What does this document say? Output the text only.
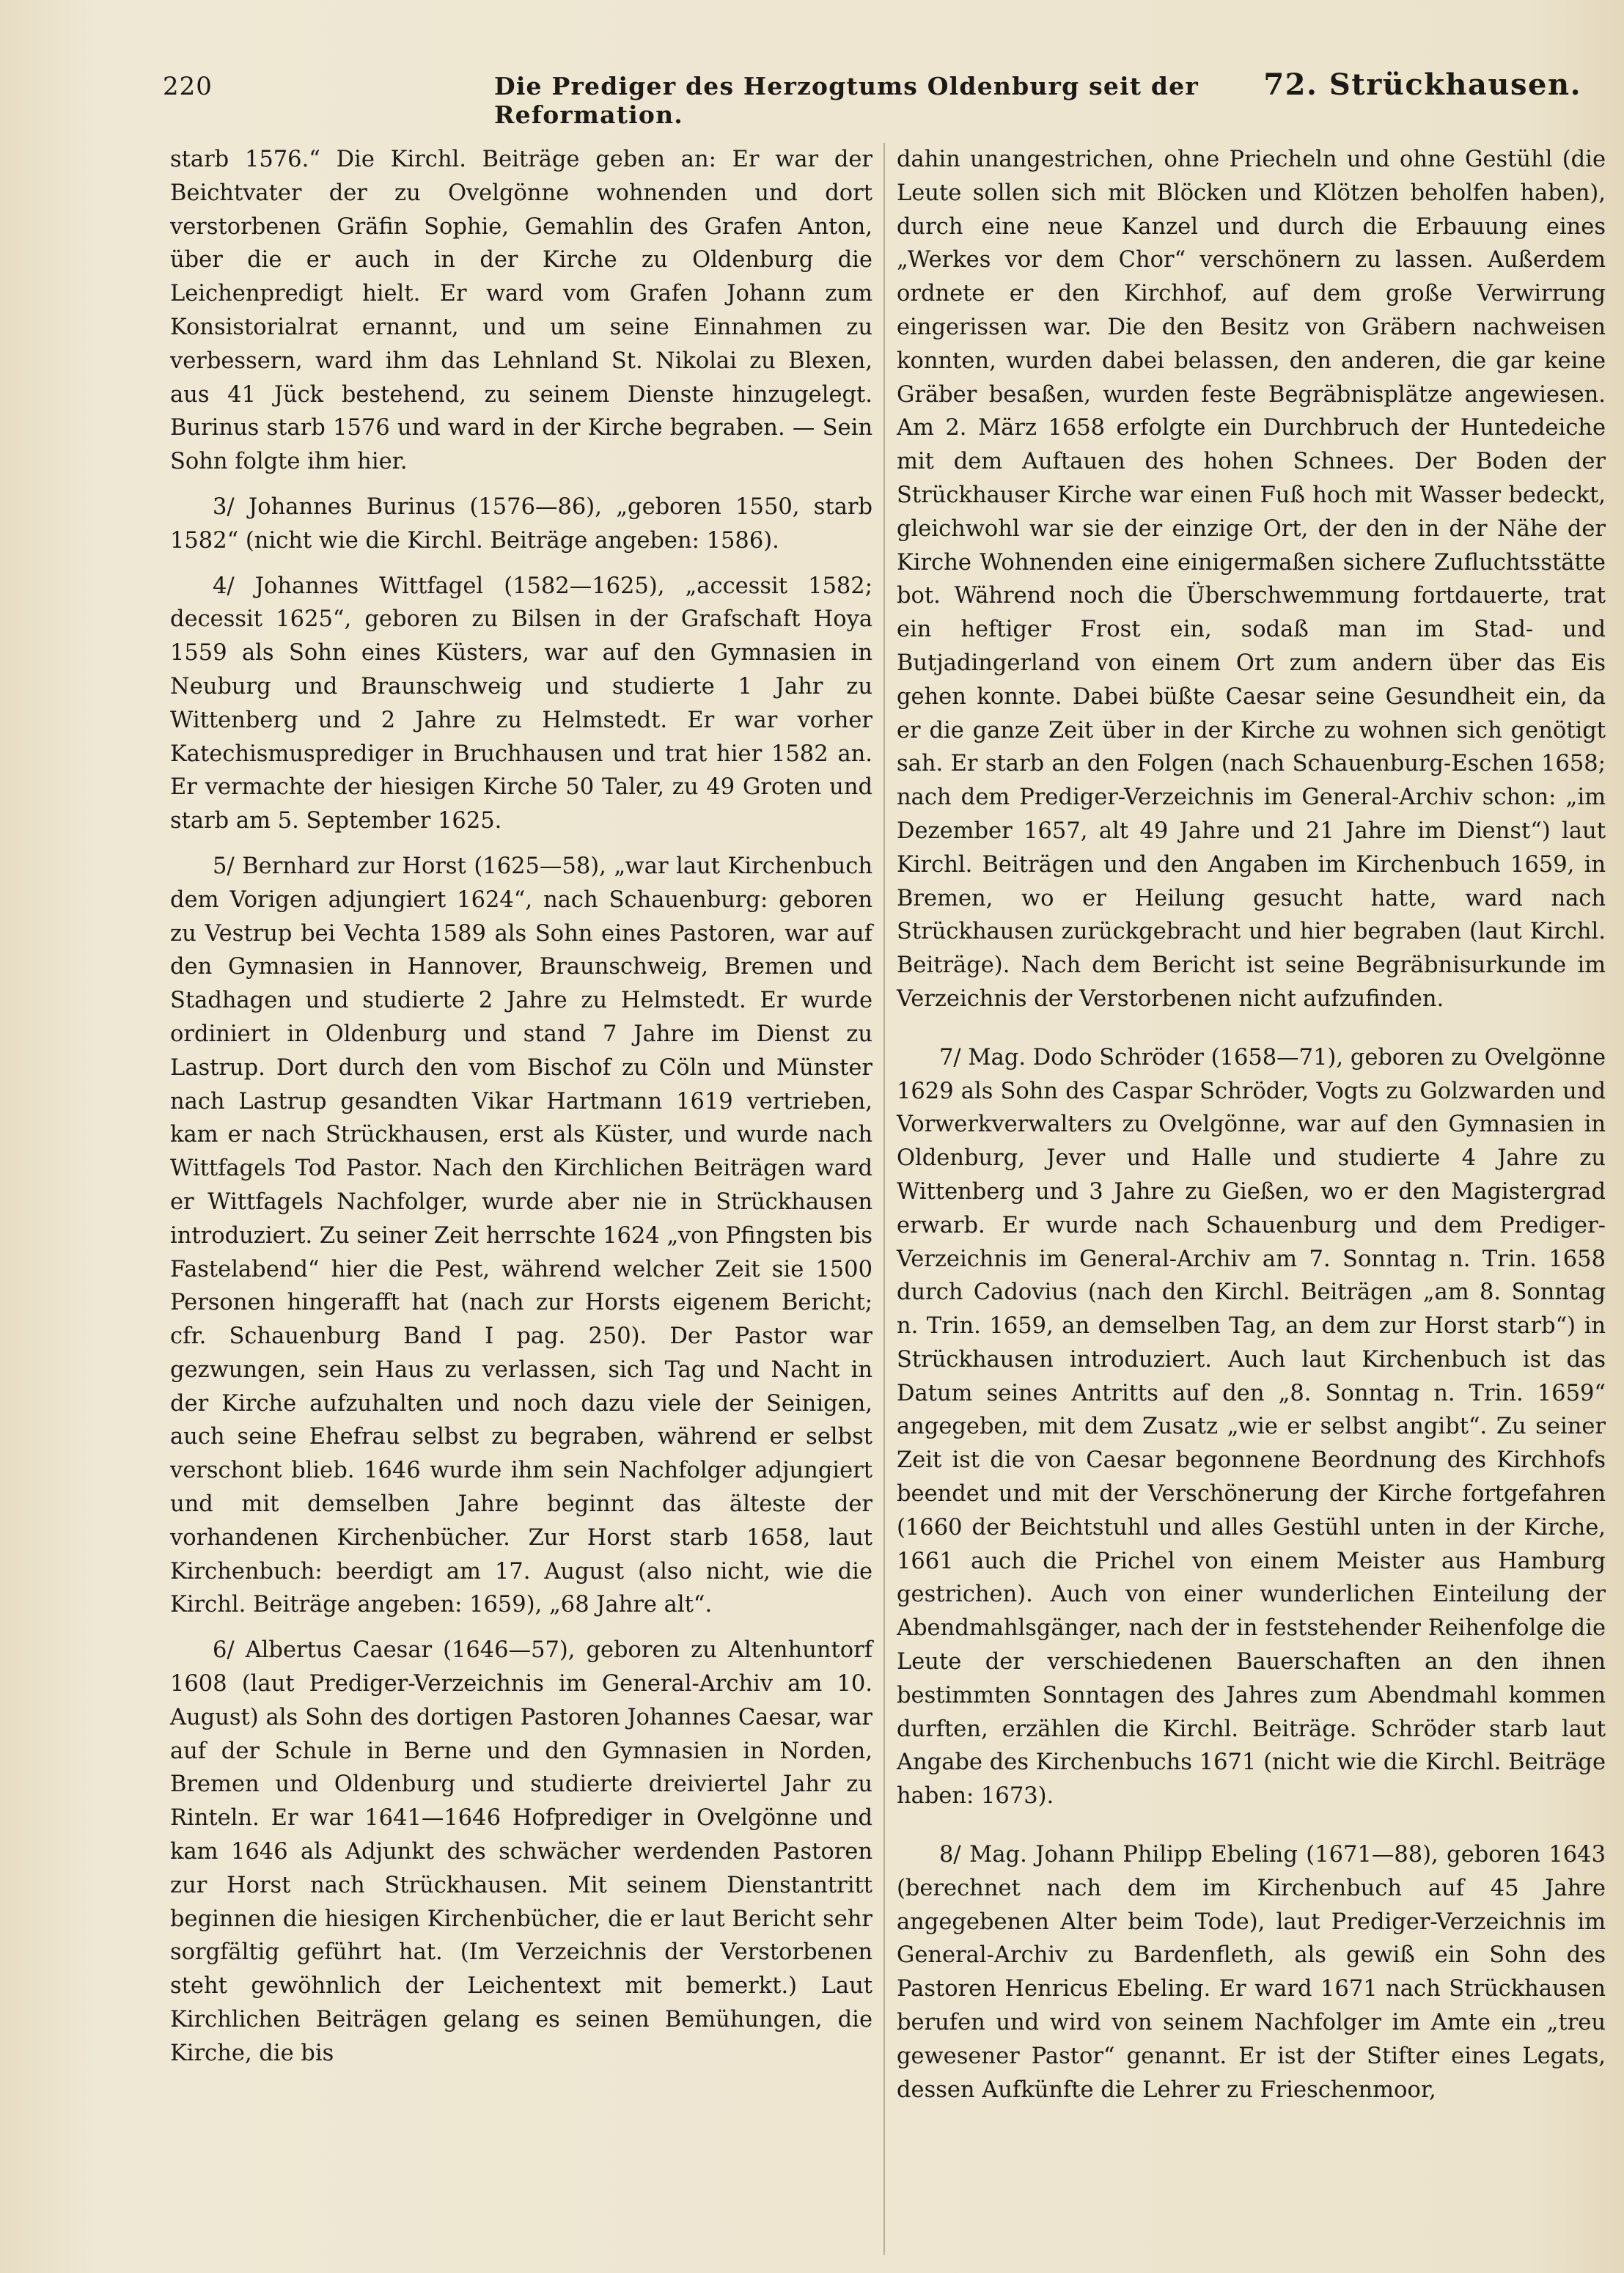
220	Die Prediger des Herzogtums Oldenburg seit der Reformation.
72. Strückhausen.

starb 1576.“ Die Kirchl. Beiträge geben an: Er war der Beichtvater der zu Ovelgönne wohnenden und dort verstorbenen Gräfin Sophie, Gemahlin des Grafen Anton, über die er auch in der Kirche zu Oldenburg die Leichenpredigt hielt. Er ward vom Grafen Johann zum Konsistorialrat ernannt, und um seine Einnahmen zu verbessern, ward ihm das Lehnland St. Nikolai zu Blexen, aus 41 Jück bestehend, zu seinem Dienste hinzugelegt. Burinus starb 1576 und ward in der Kirche begraben. — Sein Sohn folgte ihm hier.

3/ Johannes Burinus (1576—86), „geboren 1550, starb 1582“ (nicht wie die Kirchl. Beiträge angeben: 1586).

4/ Johannes Wittfagel (1582—1625), „accessit 1582; decessit 1625“, geboren zu Bilsen in der Grafschaft Hoya 1559 als Sohn eines Küsters, war auf den Gymnasien in Neuburg und Braunschweig und studierte 1 Jahr zu Wittenberg und 2 Jahre zu Helmstedt. Er war vorher Katechismusprediger in Bruchhausen und trat hier 1582 an. Er vermachte der hiesigen Kirche 50 Taler, zu 49 Groten und starb am 5. September 1625.

5/ Bernhard zur Horst (1625—58), „war laut Kirchenbuch dem Vorigen adjungiert 1624“, nach Schauenburg: geboren zu Vestrup bei Vechta 1589 als Sohn eines Pastoren, war auf den Gymnasien in Hannover, Braunschweig, Bremen und Stadhagen und studierte 2 Jahre zu Helmstedt. Er wurde ordiniert in Oldenburg und stand 7 Jahre im Dienst zu Lastrup. Dort durch den vom Bischof zu Cöln und Münster nach Lastrup gesandten Vikar Hartmann 1619 vertrieben, kam er nach Strückhausen, erst als Küster, und wurde nach Wittfagels Tod Pastor. Nach den Kirchlichen Beiträgen ward er Wittfagels Nachfolger, wurde aber nie in Strückhausen introduziert. Zu seiner Zeit herrschte 1624 „von Pfingsten bis Fastelabend“ hier die Pest, während welcher Zeit sie 1500 Personen hingerafft hat (nach zur Horsts eigenem Bericht; cfr. Schauenburg Band I pag. 250). Der Pastor war gezwungen, sein Haus zu verlassen, sich Tag und Nacht in der Kirche aufzuhalten und noch dazu viele der Seinigen, auch seine Ehefrau selbst zu begraben, während er selbst verschont blieb. 1646 wurde ihm sein Nachfolger adjungiert und mit demselben Jahre beginnt das älteste der vorhandenen Kirchenbücher. Zur Horst starb 1658, laut Kirchenbuch: beerdigt am 17. August (also nicht, wie die Kirchl. Beiträge angeben: 1659), „68 Jahre alt“.

6/ Albertus Caesar (1646—57), geboren zu Altenhuntorf 1608 (laut Prediger-Verzeichnis im General-Archiv am 10. August) als Sohn des dortigen Pastoren Johannes Caesar, war auf der Schule in Berne und den Gymnasien in Norden, Bremen und Oldenburg und studierte dreiviertel Jahr zu Rinteln. Er war 1641—1646 Hofprediger in Ovelgönne und kam 1646 als Adjunkt des schwächer werdenden Pastoren zur Horst nach Strückhausen. Mit seinem Dienstantritt beginnen die hiesigen Kirchenbücher, die er laut Bericht sehr sorgfältig geführt hat. (Im Verzeichnis der Verstorbenen steht gewöhnlich der Leichentext mit bemerkt.) Laut Kirchlichen Beiträgen gelang es seinen Bemühungen, die Kirche, die bis

dahin unangestrichen, ohne Priecheln und ohne Gestühl (die Leute sollen sich mit Blöcken und Klötzen beholfen haben), durch eine neue Kanzel und durch die Erbauung eines „Werkes vor dem Chor“ verschönern zu lassen. Außerdem ordnete er den Kirchhof, auf dem große Verwirrung eingerissen war. Die den Besitz von Gräbern nachweisen konnten, wurden dabei belassen, den anderen, die gar keine Gräber besaßen, wurden feste Begräbnisplätze angewiesen. Am 2. März 1658 erfolgte ein Durchbruch der Huntedeiche mit dem Auftauen des hohen Schnees. Der Boden der Strückhauser Kirche war einen Fuß hoch mit Wasser bedeckt, gleichwohl war sie der einzige Ort, der den in der Nähe der Kirche Wohnenden eine einigermaßen sichere Zufluchtsstätte bot. Während noch die Überschwemmung fortdauerte, trat ein heftiger Frost ein, sodaß man im Stad- und Butjadingerland von einem Ort zum andern über das Eis gehen konnte. Dabei büßte Caesar seine Gesundheit ein, da er die ganze Zeit über in der Kirche zu wohnen sich genötigt sah. Er starb an den Folgen (nach Schauenburg-Eschen 1658; nach dem Prediger-Verzeichnis im General-Archiv schon: „im Dezember 1657, alt 49 Jahre und 21 Jahre im Dienst“) laut Kirchl. Beiträgen und den Angaben im Kirchenbuch 1659, in Bremen, wo er Heilung gesucht hatte, ward nach Strückhausen zurückgebracht und hier begraben (laut Kirchl. Beiträge). Nach dem Bericht ist seine Begräbnisurkunde im Verzeichnis der Verstorbenen nicht aufzufinden.

7/ Mag. Dodo Schröder (1658—71), geboren zu Ovelgönne 1629 als Sohn des Caspar Schröder, Vogts zu Golzwarden und Vorwerkverwalters zu Ovelgönne, war auf den Gymnasien in Oldenburg, Jever und Halle und studierte 4 Jahre zu Wittenberg und 3 Jahre zu Gießen, wo er den Magistergrad erwarb. Er wurde nach Schauenburg und dem Prediger-Verzeichnis im General-Archiv am 7. Sonntag n. Trin. 1658 durch Cadovius (nach den Kirchl. Beiträgen „am 8. Sonntag n. Trin. 1659, an demselben Tag, an dem zur Horst starb“) in Strückhausen introduziert. Auch laut Kirchenbuch ist das Datum seines Antritts auf den „8. Sonntag n. Trin. 1659“ angegeben, mit dem Zusatz „wie er selbst angibt“. Zu seiner Zeit ist die von Caesar begonnene Beordnung des Kirchhofs beendet und mit der Verschönerung der Kirche fortgefahren (1660 der Beichtstuhl und alles Gestühl unten in der Kirche, 1661 auch die Prichel von einem Meister aus Hamburg gestrichen). Auch von einer wunderlichen Einteilung der Abendmahlsgänger, nach der in feststehender Reihenfolge die Leute der verschiedenen Bauerschaften an den ihnen bestimmten Sonntagen des Jahres zum Abendmahl kommen durften, erzählen die Kirchl. Beiträge. Schröder starb laut Angabe des Kirchenbuchs 1671 (nicht wie die Kirchl. Beiträge haben: 1673).

8/ Mag. Johann Philipp Ebeling (1671—88), geboren 1643 (berechnet nach dem im Kirchenbuch auf 45 Jahre angegebenen Alter beim Tode), laut Prediger-Verzeichnis im General-Archiv zu Bardenfleth, als gewiß ein Sohn des Pastoren Henricus Ebeling. Er ward 1671 nach Strückhausen berufen und wird von seinem Nachfolger im Amte ein „treu gewesener Pastor“ genannt. Er ist der Stifter eines Legats, dessen Aufkünfte die Lehrer zu Frieschenmoor,
